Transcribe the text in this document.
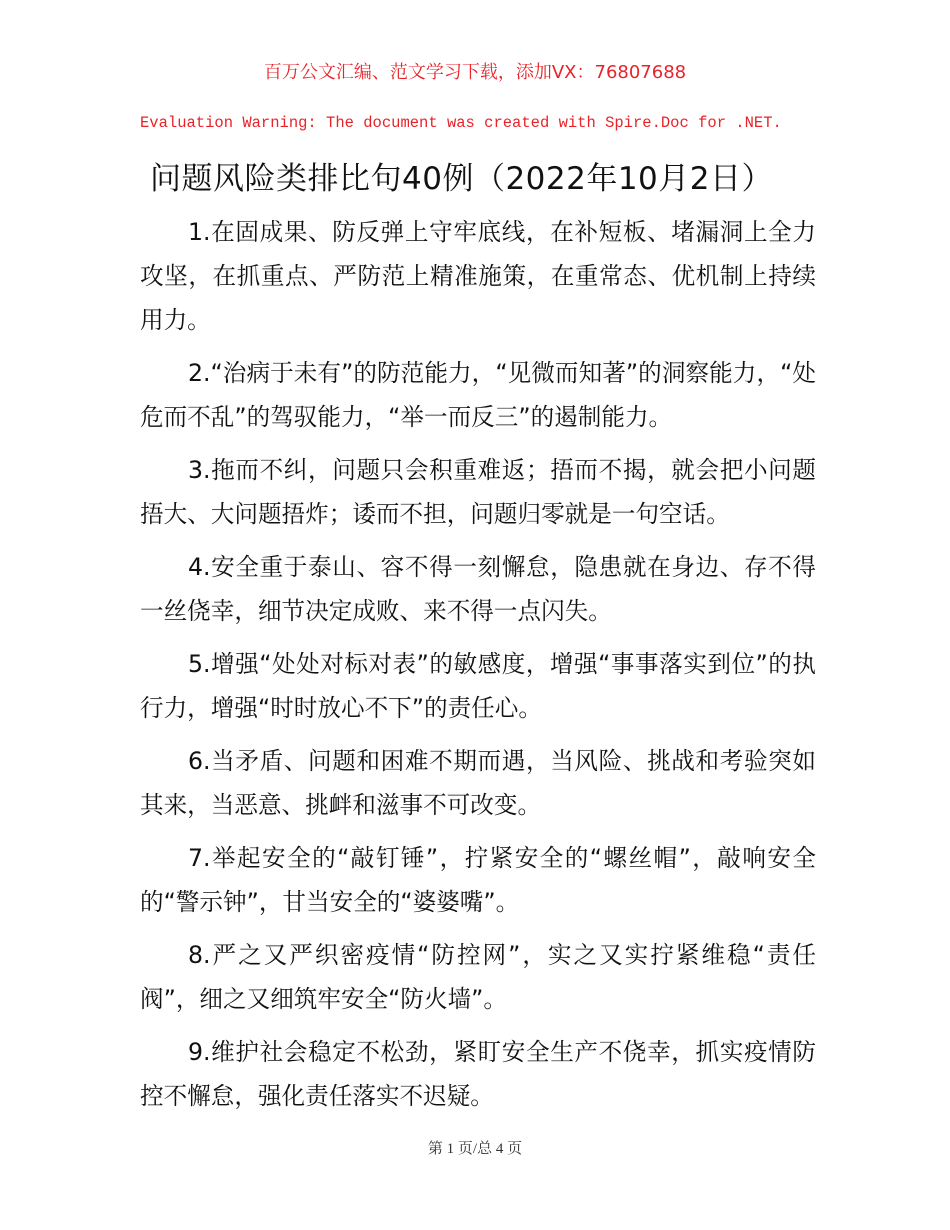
百万公文汇编、范文学习下载，添加VX：76807688
Evaluation Warning: The document was created with Spire.Doc for .NET.
问题风险类排比句40例（2022年10月2日）

1.在固成果、防反弹上守牢底线，在补短板、堵漏洞上全力攻坚，在抓重点、严防范上精准施策，在重常态、优机制上持续用力。

2.“治病于未有”的防范能力，“见微而知著”的洞察能力，“处危而不乱”的驾驭能力，“举一而反三”的遏制能力。

3.拖而不纠，问题只会积重难返；捂而不揭，就会把小问题捂大、大问题捂炸；诿而不担，问题归零就是一句空话。

4.安全重于泰山、容不得一刻懈怠，隐患就在身边、存不得一丝侥幸，细节决定成败、来不得一点闪失。

5.增强“处处对标对表”的敏感度，增强“事事落实到位”的执行力，增强“时时放心不下”的责任心。

6.当矛盾、问题和困难不期而遇，当风险、挑战和考验突如其来，当恶意、挑衅和滋事不可改变。

7.举起安全的“敲钉锤”，拧紧安全的“螺丝帽”，敲响安全的“警示钟”，甘当安全的“婆婆嘴”。

8.严之又严织密疫情“防控网”，实之又实拧紧维稳“责任阀”，细之又细筑牢安全“防火墙”。

9.维护社会稳定不松劲，紧盯安全生产不侥幸，抓实疫情防控不懈怠，强化责任落实不迟疑。

第 1 页/总 4 页
